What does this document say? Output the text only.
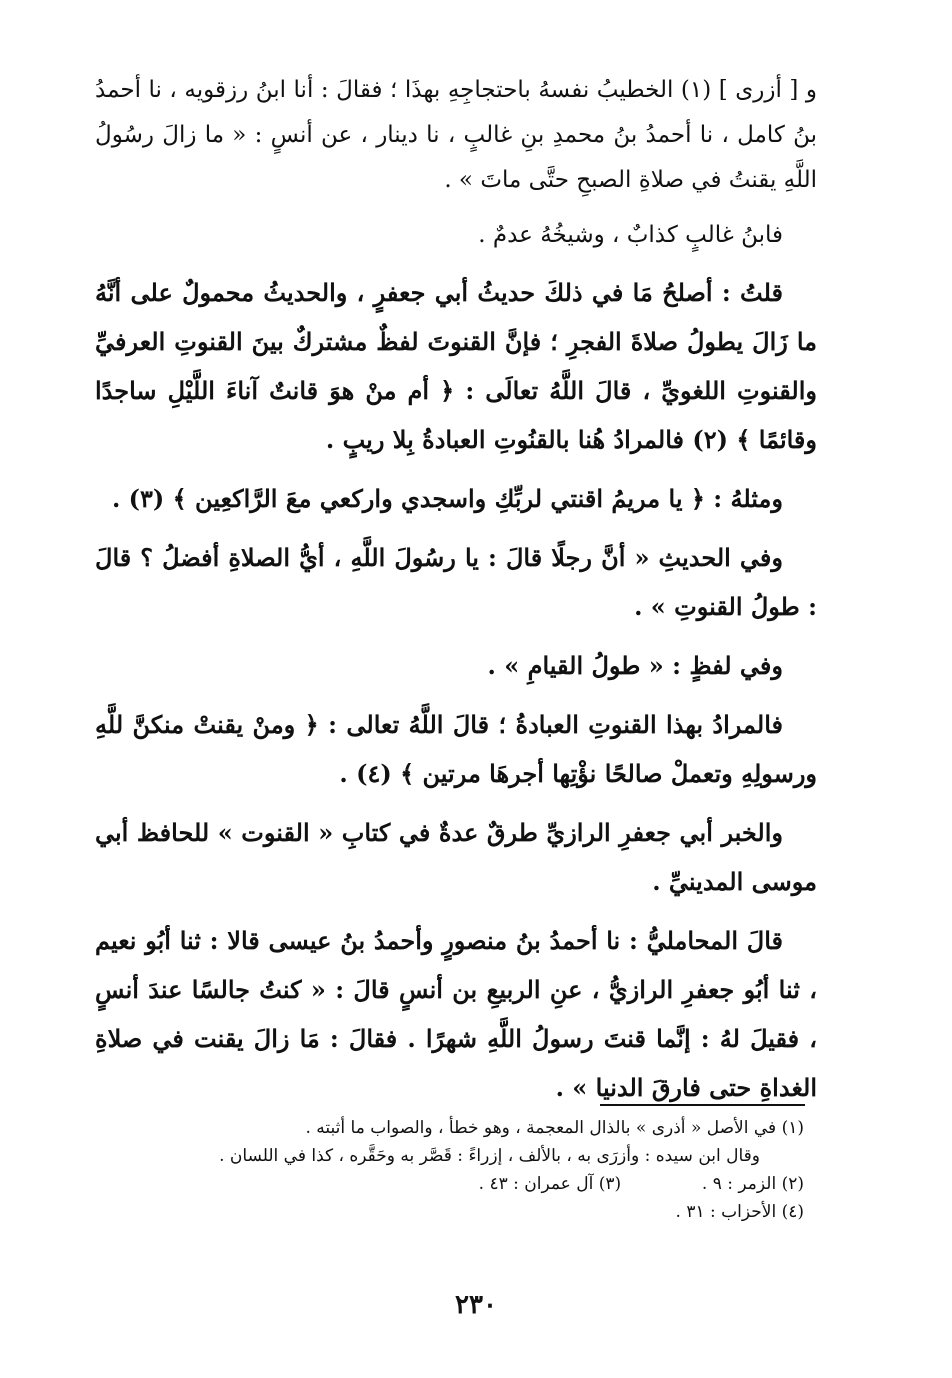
و [ أزرى ] (١) الخطيبُ نفسهُ باحتجاجِهِ بهذَا ؛ فقالَ : أنا ابنُ رزقويه ، نا أحمدُ بنُ كامل ، نا أحمدُ بنُ محمدِ بنِ غالبٍ ، نا دينار ، عن أنسٍ : « ما زالَ رسُولُ اللَّهِ يقنتُ في صلاةِ الصبحِ حتَّى ماتَ » .

فابنُ غالبٍ كذابٌ ، وشيخُهُ عدمٌ .

قلتُ : أصلحُ مَا في ذلكَ حديثُ أبي جعفرٍ ، والحديثُ محمولٌ على أنَّهُ ما زَالَ يطولُ صلاةَ الفجرِ ؛ فإنَّ القنوتَ لفظٌ مشتركٌ بينَ القنوتِ العرفيِّ والقنوتِ اللغويِّ ، قالَ اللَّهُ تعالَى : ﴿ أم منْ هوَ قانتٌ آناءَ اللَّيْلِ ساجدًا وقائمًا ﴾ (٢) فالمرادُ هُنا بالقنُوتِ العبادةُ بِلا ريبٍ .

ومثلهُ : ﴿ يا مريمُ اقنتي لربِّكِ واسجدي واركعي معَ الرَّاكعِين ﴾ (٣) .

وفي الحديثِ « أنَّ رجلًا قالَ : يا رسُولَ اللَّهِ ، أيُّ الصلاةِ أفضلُ ؟ قالَ : طولُ القنوتِ » .

وفي لفظٍ : « طولُ القيامِ » .

فالمرادُ بهذا القنوتِ العبادةُ ؛ قالَ اللَّهُ تعالى : ﴿ ومنْ يقنتْ منكنَّ للَّهِ ورسولِهِ وتعملْ صالحًا نؤْتِها أجرهَا مرتين ﴾ (٤) .

والخبر أبي جعفرِ الرازيِّ طرقٌ عدةٌ في كتابِ « القنوت » للحافظ أبي موسى المدينيِّ .

قالَ المحامليُّ : نا أحمدُ بنُ منصورٍ وأحمدُ بنُ عيسى قالا : ثنا أبُو نعيم ، ثنا أبُو جعفرِ الرازيُّ ، عنِ الربيعِ بن أنسٍ قالَ : « كنتُ جالسًا عندَ أنسٍ ، فقيلَ لهُ : إنَّما قنتَ رسولُ اللَّهِ شهرًا . فقالَ : مَا زالَ يقنت في صلاةِ الغداةِ حتى فارقَ الدنيا » .

(١) في الأصل « أذرى » بالذال المعجمة ، وهو خطأ ، والصواب ما أثبته .
وقال ابن سيده : وأزرَى به ، بالألف ، إزراءً : قَصَّر به وحَقَّره ، كذا في اللسان .
(٢) الزمر : ٩ .  (٣) آل عمران : ٤٣ .
(٤) الأحزاب : ٣١ .
٢٣٠
